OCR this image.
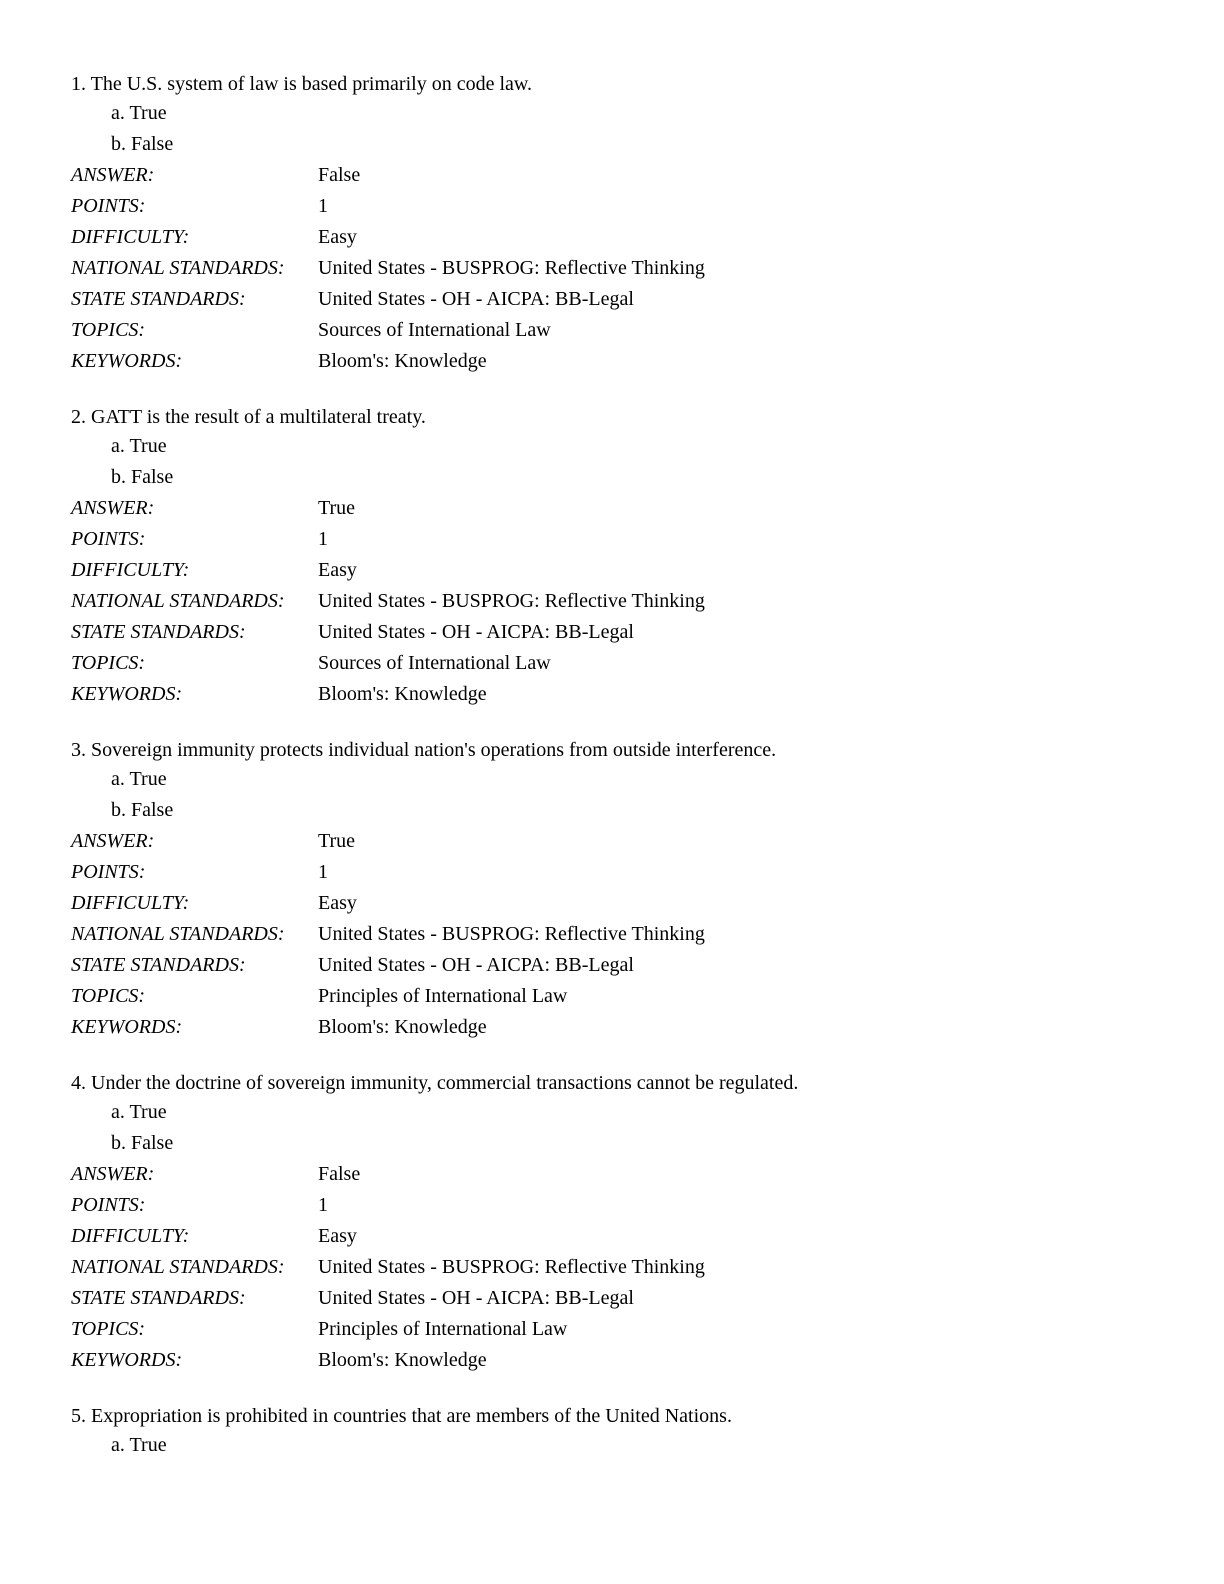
1. The U.S. system of law is based primarily on code law.
a. True
b. False
ANSWER:	False
POINTS:	1
DIFFICULTY:	Easy
NATIONAL STANDARDS:	United States - BUSPROG: Reflective Thinking
STATE STANDARDS:	United States - OH - AICPA: BB-Legal
TOPICS:	Sources of International Law
KEYWORDS:	Bloom's: Knowledge
2. GATT is the result of a multilateral treaty.
a. True
b. False
ANSWER:	True
POINTS:	1
DIFFICULTY:	Easy
NATIONAL STANDARDS:	United States - BUSPROG: Reflective Thinking
STATE STANDARDS:	United States - OH - AICPA: BB-Legal
TOPICS:	Sources of International Law
KEYWORDS:	Bloom's: Knowledge
3. Sovereign immunity protects individual nation's operations from outside interference.
a. True
b. False
ANSWER:	True
POINTS:	1
DIFFICULTY:	Easy
NATIONAL STANDARDS:	United States - BUSPROG: Reflective Thinking
STATE STANDARDS:	United States - OH - AICPA: BB-Legal
TOPICS:	Principles of International Law
KEYWORDS:	Bloom's: Knowledge
4. Under the doctrine of sovereign immunity, commercial transactions cannot be regulated.
a. True
b. False
ANSWER:	False
POINTS:	1
DIFFICULTY:	Easy
NATIONAL STANDARDS:	United States - BUSPROG: Reflective Thinking
STATE STANDARDS:	United States - OH - AICPA: BB-Legal
TOPICS:	Principles of International Law
KEYWORDS:	Bloom's: Knowledge
5. Expropriation is prohibited in countries that are members of the United Nations.
a. True
